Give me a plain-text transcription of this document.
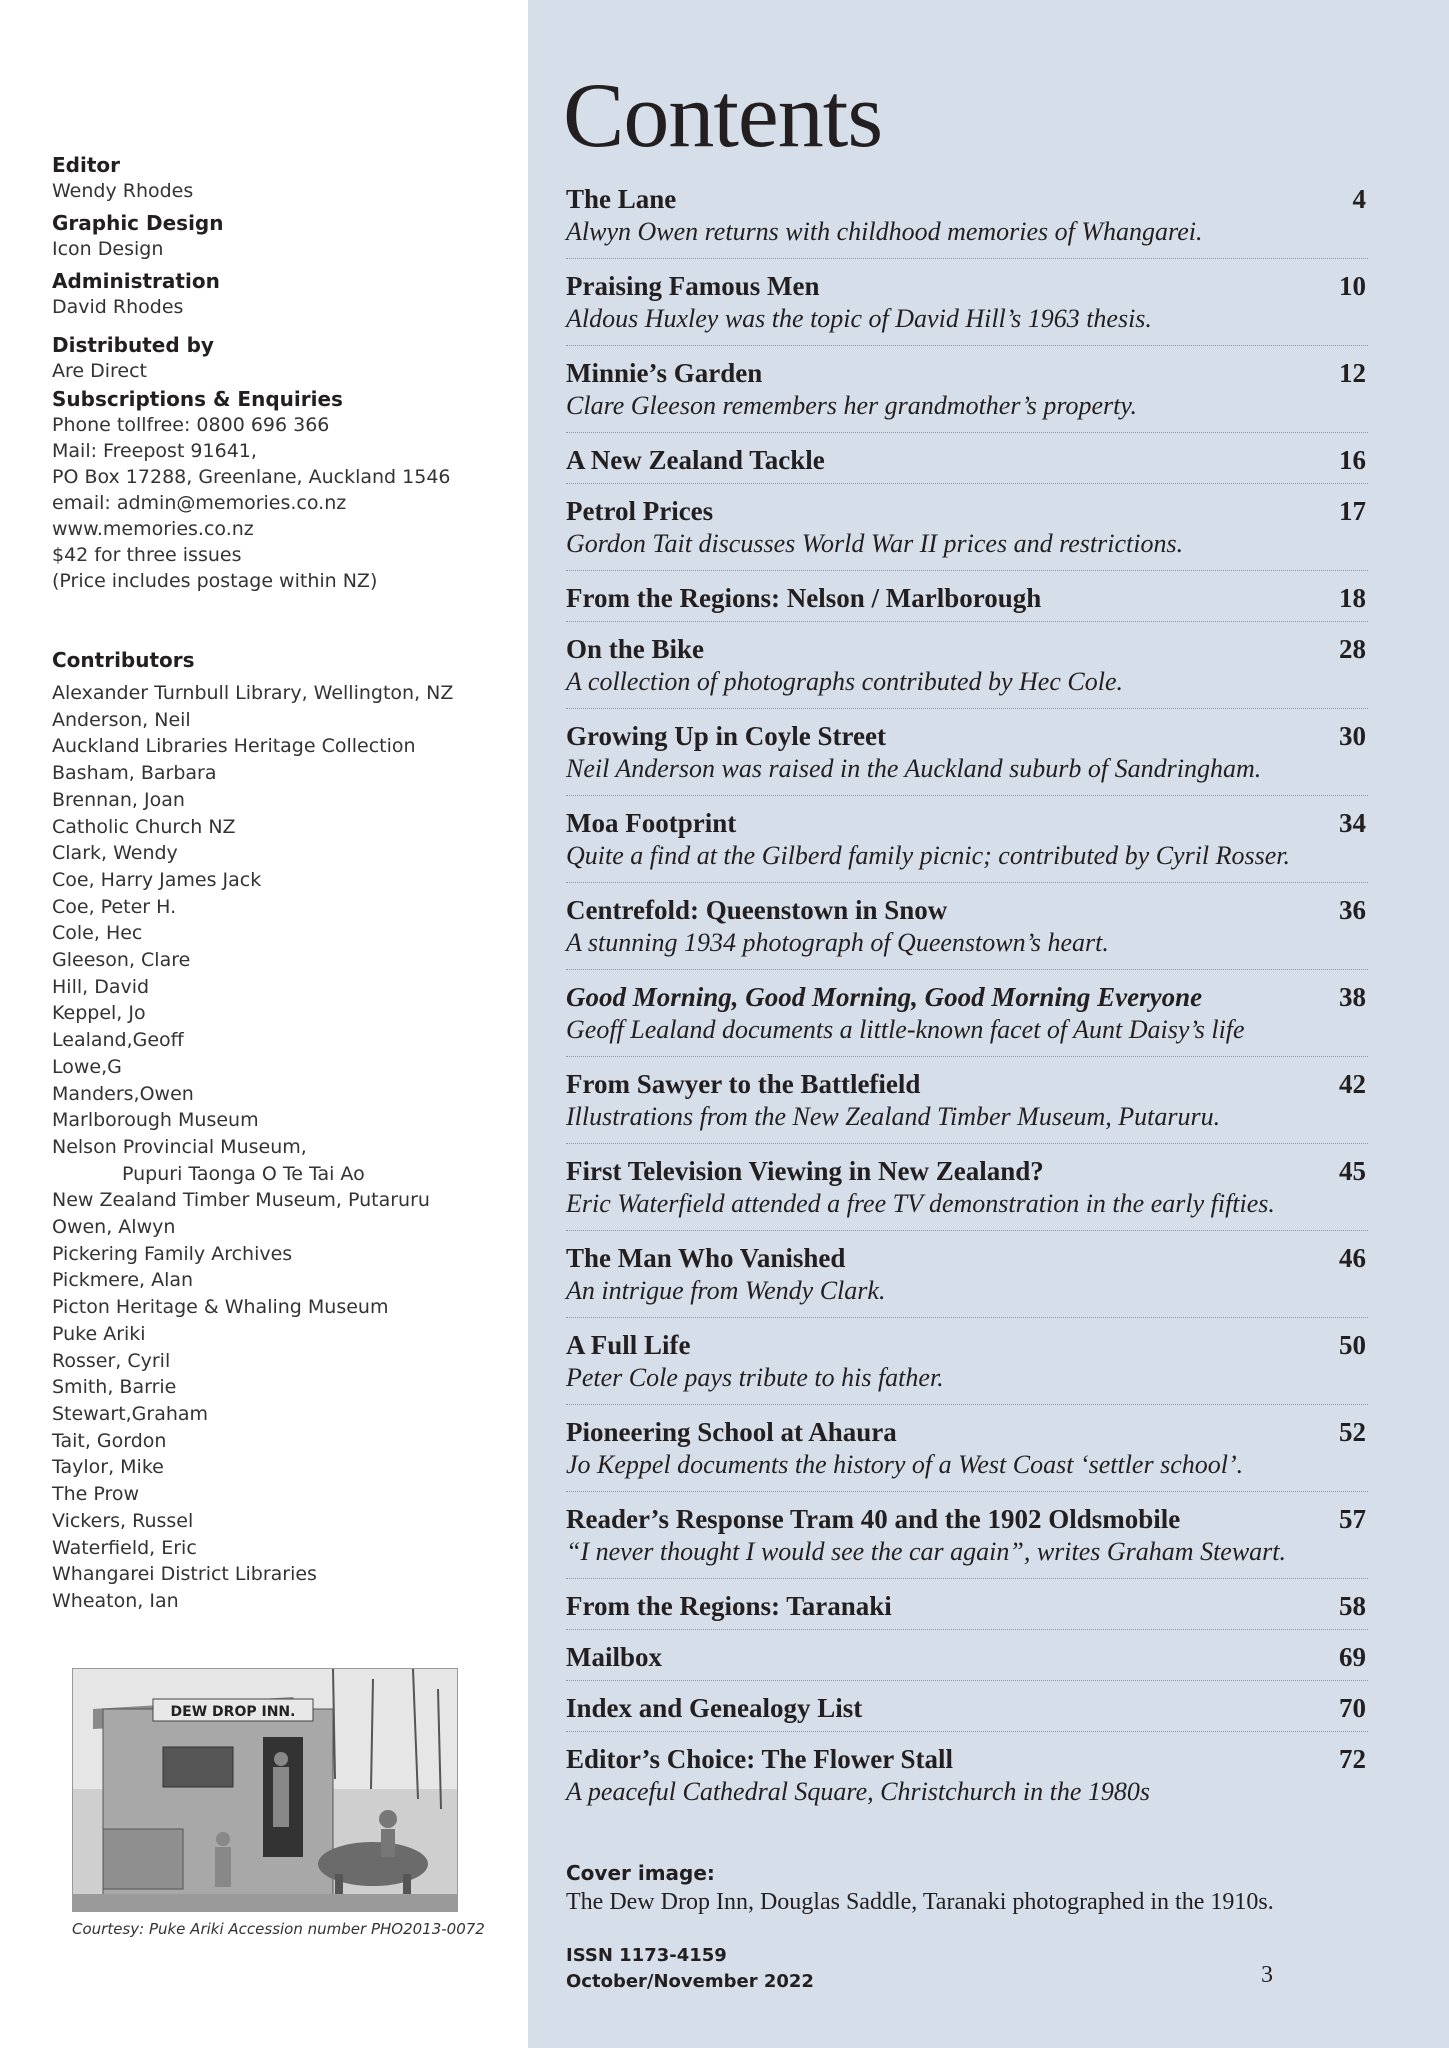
Editor
Wendy Rhodes
Graphic Design
Icon Design
Administration
David Rhodes
Distributed by
Are Direct
Subscriptions & Enquiries
Phone tollfree: 0800 696 366
Mail: Freepost 91641,
PO Box 17288, Greenlane, Auckland 1546
email: admin@memories.co.nz
www.memories.co.nz
$42 for three issues
(Price includes postage within NZ)
Contributors
Alexander Turnbull Library, Wellington, NZ
Anderson, Neil
Auckland Libraries Heritage Collection
Basham, Barbara
Brennan, Joan
Catholic Church NZ
Clark, Wendy
Coe, Harry James Jack
Coe, Peter H.
Cole, Hec
Gleeson, Clare
Hill, David
Keppel, Jo
Lealand,Geoff
Lowe,G
Manders,Owen
Marlborough Museum
Nelson Provincial Museum,
Pupuri Taonga O Te Tai Ao
New Zealand Timber Museum, Putaruru
Owen, Alwyn
Pickering Family Archives
Pickmere, Alan
Picton Heritage & Whaling Museum
Puke Ariki
Rosser, Cyril
Smith, Barrie
Stewart,Graham
Tait, Gordon
Taylor, Mike
The Prow
Vickers, Russel
Waterfield, Eric
Whangarei District Libraries
Wheaton, Ian
DEW DROP INN.
Courtesy: Puke Ariki Accession number PHO2013-0072
Contents
The Lane	4
Alwyn Owen returns with childhood memories of Whangarei.
Praising Famous Men	10
Aldous Huxley was the topic of David Hill’s 1963 thesis.
Minnie’s Garden	12
Clare Gleeson remembers her grandmother’s property.
A New Zealand Tackle	16
Petrol Prices	17
Gordon Tait discusses World War II prices and restrictions.
From the Regions: Nelson / Marlborough	18
On the Bike	28
A collection of photographs contributed by Hec Cole.
Growing Up in Coyle Street	30
Neil Anderson was raised in the Auckland suburb of Sandringham.
Moa Footprint	34
Quite a find at the Gilberd family picnic; contributed by Cyril Rosser.
Centrefold: Queenstown in Snow	36
A stunning 1934 photograph of Queenstown’s heart.
Good Morning, Good Morning, Good Morning Everyone	38
Geoff Lealand documents a little-known facet of Aunt Daisy’s life
From Sawyer to the Battlefield	42
Illustrations from the New Zealand Timber Museum, Putaruru.
First Television Viewing in New Zealand?	45
Eric Waterfield attended a free TV demonstration in the early fifties.
The Man Who Vanished	46
An intrigue from Wendy Clark.
A Full Life	50
Peter Cole pays tribute to his father.
Pioneering School at Ahaura	52
Jo Keppel documents the history of a West Coast ‘settler school’.
Reader’s Response Tram 40 and the 1902 Oldsmobile	57
“I never thought I would see the car again”, writes Graham Stewart.
From the Regions: Taranaki	58
Mailbox	69
Index and Genealogy List	70
Editor’s Choice: The Flower Stall	72
A peaceful Cathedral Square, Christchurch in the 1980s
Cover image:
The Dew Drop Inn, Douglas Saddle, Taranaki photographed in the 1910s.
ISSN 1173-4159
October/November 2022	3
